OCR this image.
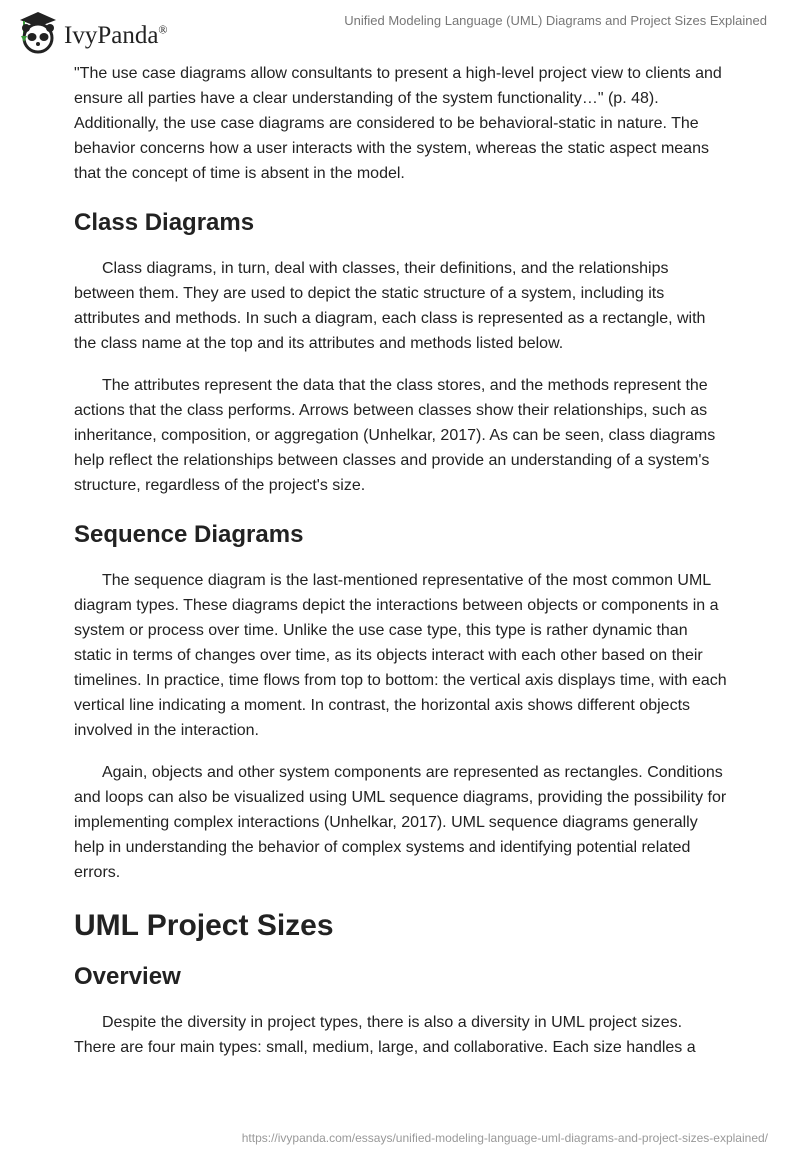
IvyPanda®
Unified Modeling Language (UML) Diagrams and Project Sizes Explained

"The use case diagrams allow consultants to present a high-level project view to clients and ensure all parties have a clear understanding of the system functionality…" (p. 48). Additionally, the use case diagrams are considered to be behavioral-static in nature. The behavior concerns how a user interacts with the system, whereas the static aspect means that the concept of time is absent in the model.

Class Diagrams

Class diagrams, in turn, deal with classes, their definitions, and the relationships between them. They are used to depict the static structure of a system, including its attributes and methods. In such a diagram, each class is represented as a rectangle, with the class name at the top and its attributes and methods listed below.

The attributes represent the data that the class stores, and the methods represent the actions that the class performs. Arrows between classes show their relationships, such as inheritance, composition, or aggregation (Unhelkar, 2017). As can be seen, class diagrams help reflect the relationships between classes and provide an understanding of a system's structure, regardless of the project's size.

Sequence Diagrams

The sequence diagram is the last-mentioned representative of the most common UML diagram types. These diagrams depict the interactions between objects or components in a system or process over time. Unlike the use case type, this type is rather dynamic than static in terms of changes over time, as its objects interact with each other based on their timelines. In practice, time flows from top to bottom: the vertical axis displays time, with each vertical line indicating a moment. In contrast, the horizontal axis shows different objects involved in the interaction.

Again, objects and other system components are represented as rectangles. Conditions and loops can also be visualized using UML sequence diagrams, providing the possibility for implementing complex interactions (Unhelkar, 2017). UML sequence diagrams generally help in understanding the behavior of complex systems and identifying potential related errors.

UML Project Sizes
Overview

Despite the diversity in project types, there is also a diversity in UML project sizes. There are four main types: small, medium, large, and collaborative. Each size handles a

https://ivypanda.com/essays/unified-modeling-language-uml-diagrams-and-project-sizes-explained/
